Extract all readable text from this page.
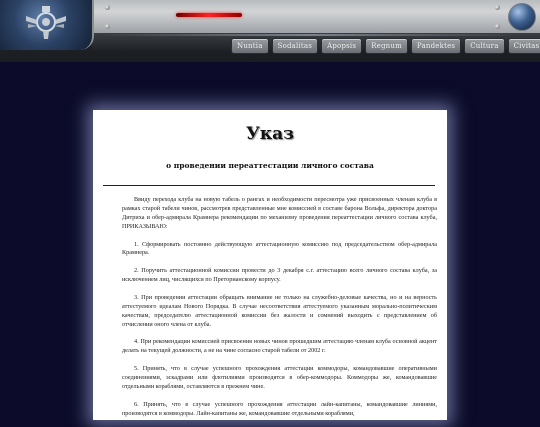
Nuntia	Sodalitas	Apopsis	Regnum	Pandektes	Cultura	Civitas
Указ
о проведении переаттестации личного состава

Ввиду перехода клуба на новую табель о рангах и необходимости пересмотра уже присвоенных членам клуба в рамках старой табели чинов, рассмотрев представленные мне комиссией в составе барона Вольфа, директора доктора Дитриха и обер-адмирала Крамнера рекомендации по механизму проведения переаттестации личного состава клуба, ПРИКАЗЫВАЮ:

1. Сформировать постоянно действующую аттестационную комиссию под председательством обер-адмирала Крамнера.

2. Поручить аттестационной комиссии провести до 3 декабря с.г. аттестацию всего личного состава клуба, за исключением лиц, числящихся по Преторианскому корпусу.

3. При проведении аттестации обращать внимание не только на служебно-деловые качества, но и на верность аттестуемого идеалам Нового Порядка. В случае несоответствия аттестуемого указанным морально-политическим качествам, председателю аттестационной комиссии без жалости и сомнений выходить с представлением об отчислении оного члена от клуба.

4. При рекомендации комиссией присвоения новых чинов прошедшим аттестацию членам клуба основной акцент делать на текущей должности, а не на чине согласно старой табели от 2002 г.

5. Принять, что в случае успешного прохождения аттестации коммодоры, командовавшие оперативными соединениями, эскадрами или флотилиями производятся в обер-коммодоры. Коммодоры же, командовавшие отдельными кораблями, оставляются в прежнем чине.

6. Принять, что в случае успешного прохождения аттестации лайн-капитаны, командовавшие линиями, производятся в коммодоры. Лайн-капитаны же, командовавшие отдельными кораблями,
